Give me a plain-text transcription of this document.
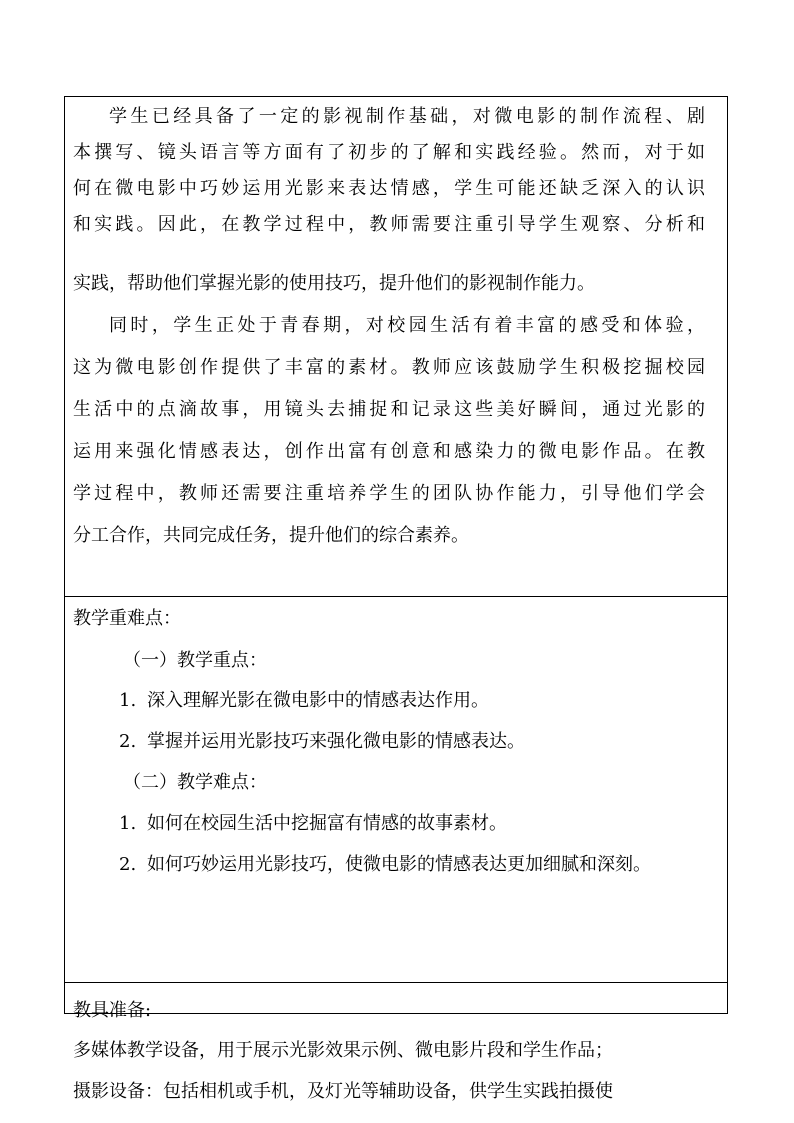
学生已经具备了一定的影视制作基础，对微电影的制作流程、剧
本撰写、镜头语言等方面有了初步的了解和实践经验。然而，对于如
何在微电影中巧妙运用光影来表达情感，学生可能还缺乏深入的认识
和实践。因此，在教学过程中，教师需要注重引导学生观察、分析和
实践，帮助他们掌握光影的使用技巧，提升他们的影视制作能力。
同时，学生正处于青春期，对校园生活有着丰富的感受和体验，
这为微电影创作提供了丰富的素材。教师应该鼓励学生积极挖掘校园
生活中的点滴故事，用镜头去捕捉和记录这些美好瞬间，通过光影的
运用来强化情感表达，创作出富有创意和感染力的微电影作品。在教
学过程中，教师还需要注重培养学生的团队协作能力，引导他们学会
分工合作，共同完成任务，提升他们的综合素养。
教学重难点：
（一）教学重点：
1. 深入理解光影在微电影中的情感表达作用。
2. 掌握并运用光影技巧来强化微电影的情感表达。
（二）教学难点：
1. 如何在校园生活中挖掘富有情感的故事素材。
2. 如何巧妙运用光影技巧，使微电影的情感表达更加细腻和深刻。
教具准备:
多媒体教学设备，用于展示光影效果示例、微电影片段和学生作品；
摄影设备：包括相机或手机，及灯光等辅助设备，供学生实践拍摄使
